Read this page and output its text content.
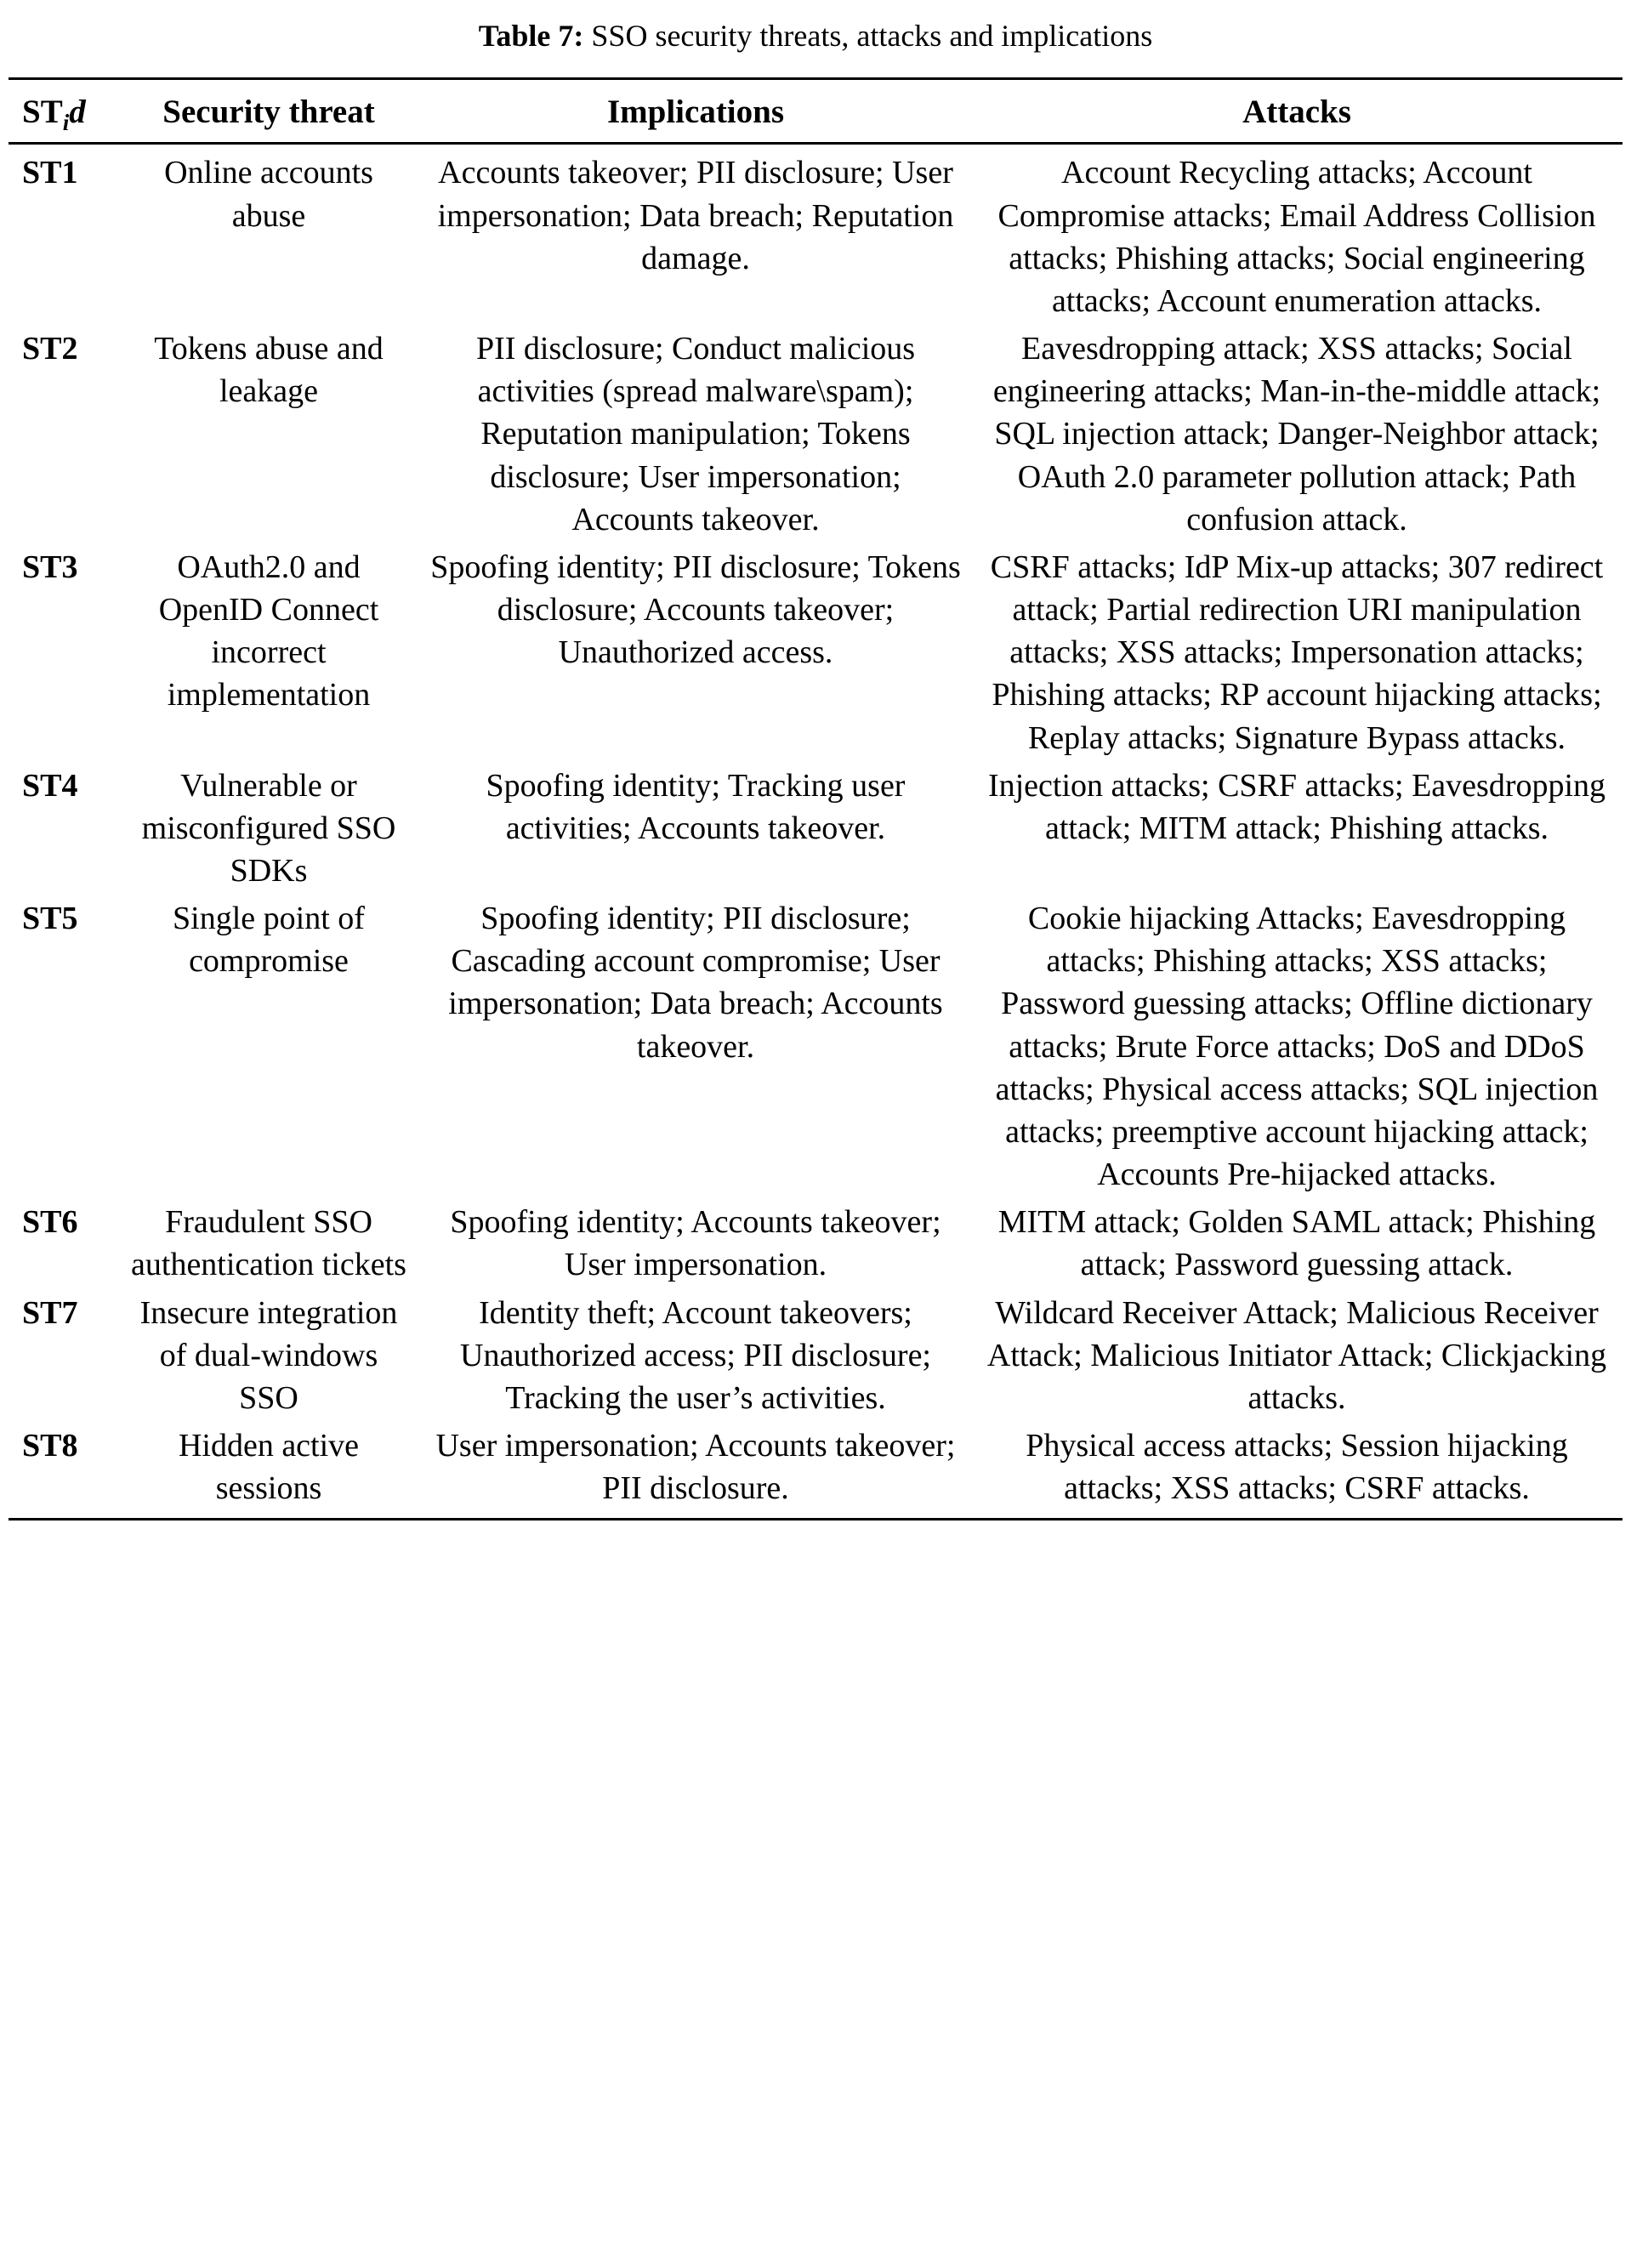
Table 7: SSO security threats, attacks and implications

$ST_id$	Security threat	Implications	Attacks
ST1	Online accounts abuse	Accounts takeover; PII disclosure; User impersonation; Data breach; Reputation damage.	Account Recycling attacks; Account Compromise attacks; Email Address Collision attacks; Phishing attacks; Social engineering attacks; Account enumeration attacks.
ST2	Tokens abuse and leakage	PII disclosure; Conduct malicious activities (spread malware\spam); Reputation manipulation; Tokens disclosure; User impersonation; Accounts takeover.	Eavesdropping attack; XSS attacks; Social engineering attacks; Man-in-the-middle attack; SQL injection attack; Danger-Neighbor attack; OAuth 2.0 parameter pollution attack; Path confusion attack.
ST3	OAuth2.0 and OpenID Connect incorrect implementation	Spoofing identity; PII disclosure; Tokens disclosure; Accounts takeover; Unauthorized access.	CSRF attacks; IdP Mix-up attacks; 307 redirect attack; Partial redirection URI manipulation attacks; XSS attacks; Impersonation attacks; Phishing attacks; RP account hijacking attacks; Replay attacks; Signature Bypass attacks.
ST4	Vulnerable or misconfigured SSO SDKs	Spoofing identity; Tracking user activities; Accounts takeover.	Injection attacks; CSRF attacks; Eavesdropping attack; MITM attack; Phishing attacks.
ST5	Single point of compromise	Spoofing identity; PII disclosure; Cascading account compromise; User impersonation; Data breach; Accounts takeover.	Cookie hijacking Attacks; Eavesdropping attacks; Phishing attacks; XSS attacks; Password guessing attacks; Offline dictionary attacks; Brute Force attacks; DoS and DDoS attacks; Physical access attacks; SQL injection attacks; preemptive account hijacking attack; Accounts Pre-hijacked attacks.
ST6	Fraudulent SSO authentication tickets	Spoofing identity; Accounts takeover; User impersonation.	MITM attack; Golden SAML attack; Phishing attack; Password guessing attack.
ST7	Insecure integration of dual-windows SSO	Identity theft; Account takeovers; Unauthorized access; PII disclosure; Tracking the user’s activities.	Wildcard Receiver Attack; Malicious Receiver Attack; Malicious Initiator Attack; Clickjacking attacks.
ST8	Hidden active sessions	User impersonation; Accounts takeover; PII disclosure.	Physical access attacks; Session hijacking attacks; XSS attacks; CSRF attacks.
